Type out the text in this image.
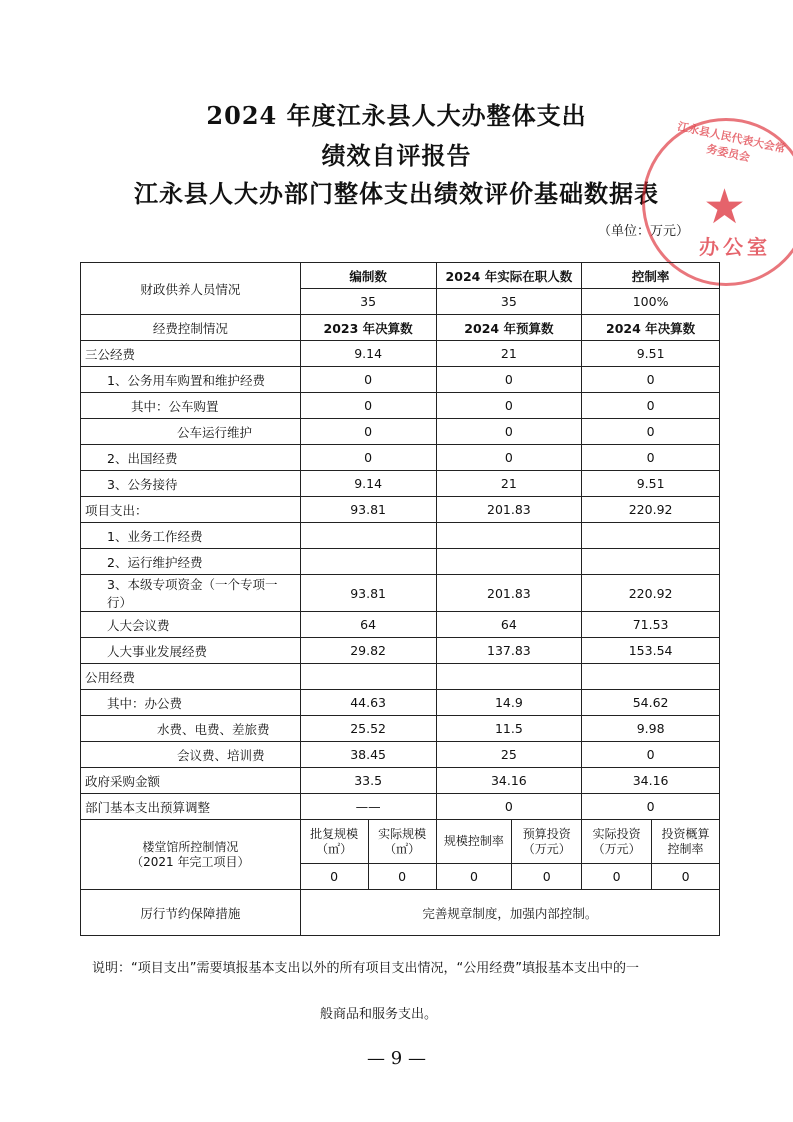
2024 年度江永县人大办整体支出
绩效自评报告
江永县人大办部门整体支出绩效评价基础数据表
（单位：万元）
江永县人民代表大会常务委员会
★
办公室
财政供养人员情况	编制数		2024 年实际在职人数		控制率	
	35		35		100%	
经费控制情况	2023 年决算数		2024 年预算数		2024 年决算数	
三公经费	9.14		21		9.51	
1、公务用车购置和维护经费	0		0		0	
其中：公车购置	0		0		0	
公车运行维护	0		0		0	
2、出国经费	0		0		0	
3、公务接待	9.14		21		9.51	
项目支出：	93.81		201.83		220.92	
1、业务工作经费						
2、运行维护经费						
3、本级专项资金（一个专项一行）	93.81		201.83		220.92	
人大会议费	64		64		71.53	
人大事业发展经费	29.82		137.83		153.54	
公用经费						
其中：办公费	44.63		14.9		54.62	
水费、电费、差旅费	25.52		11.5		9.98	
会议费、培训费	38.45		25		0	
政府采购金额	33.5		34.16		34.16	
部门基本支出预算调整	——		0		0	

楼堂馆所控制情况
（2021 年完工项目）	批复规模（㎡）	实际规模（㎡）	规模控制率	预算投资（万元）	实际投资（万元）	投资概算控制率
	0	0	0	0	0	0
厉行节约保障措施	完善规章制度，加强内部控制。					
说明：“项目支出”需要填报基本支出以外的所有项目支出情况，“公用经费”填报基本支出中的一
般商品和服务支出。
— 9 —
